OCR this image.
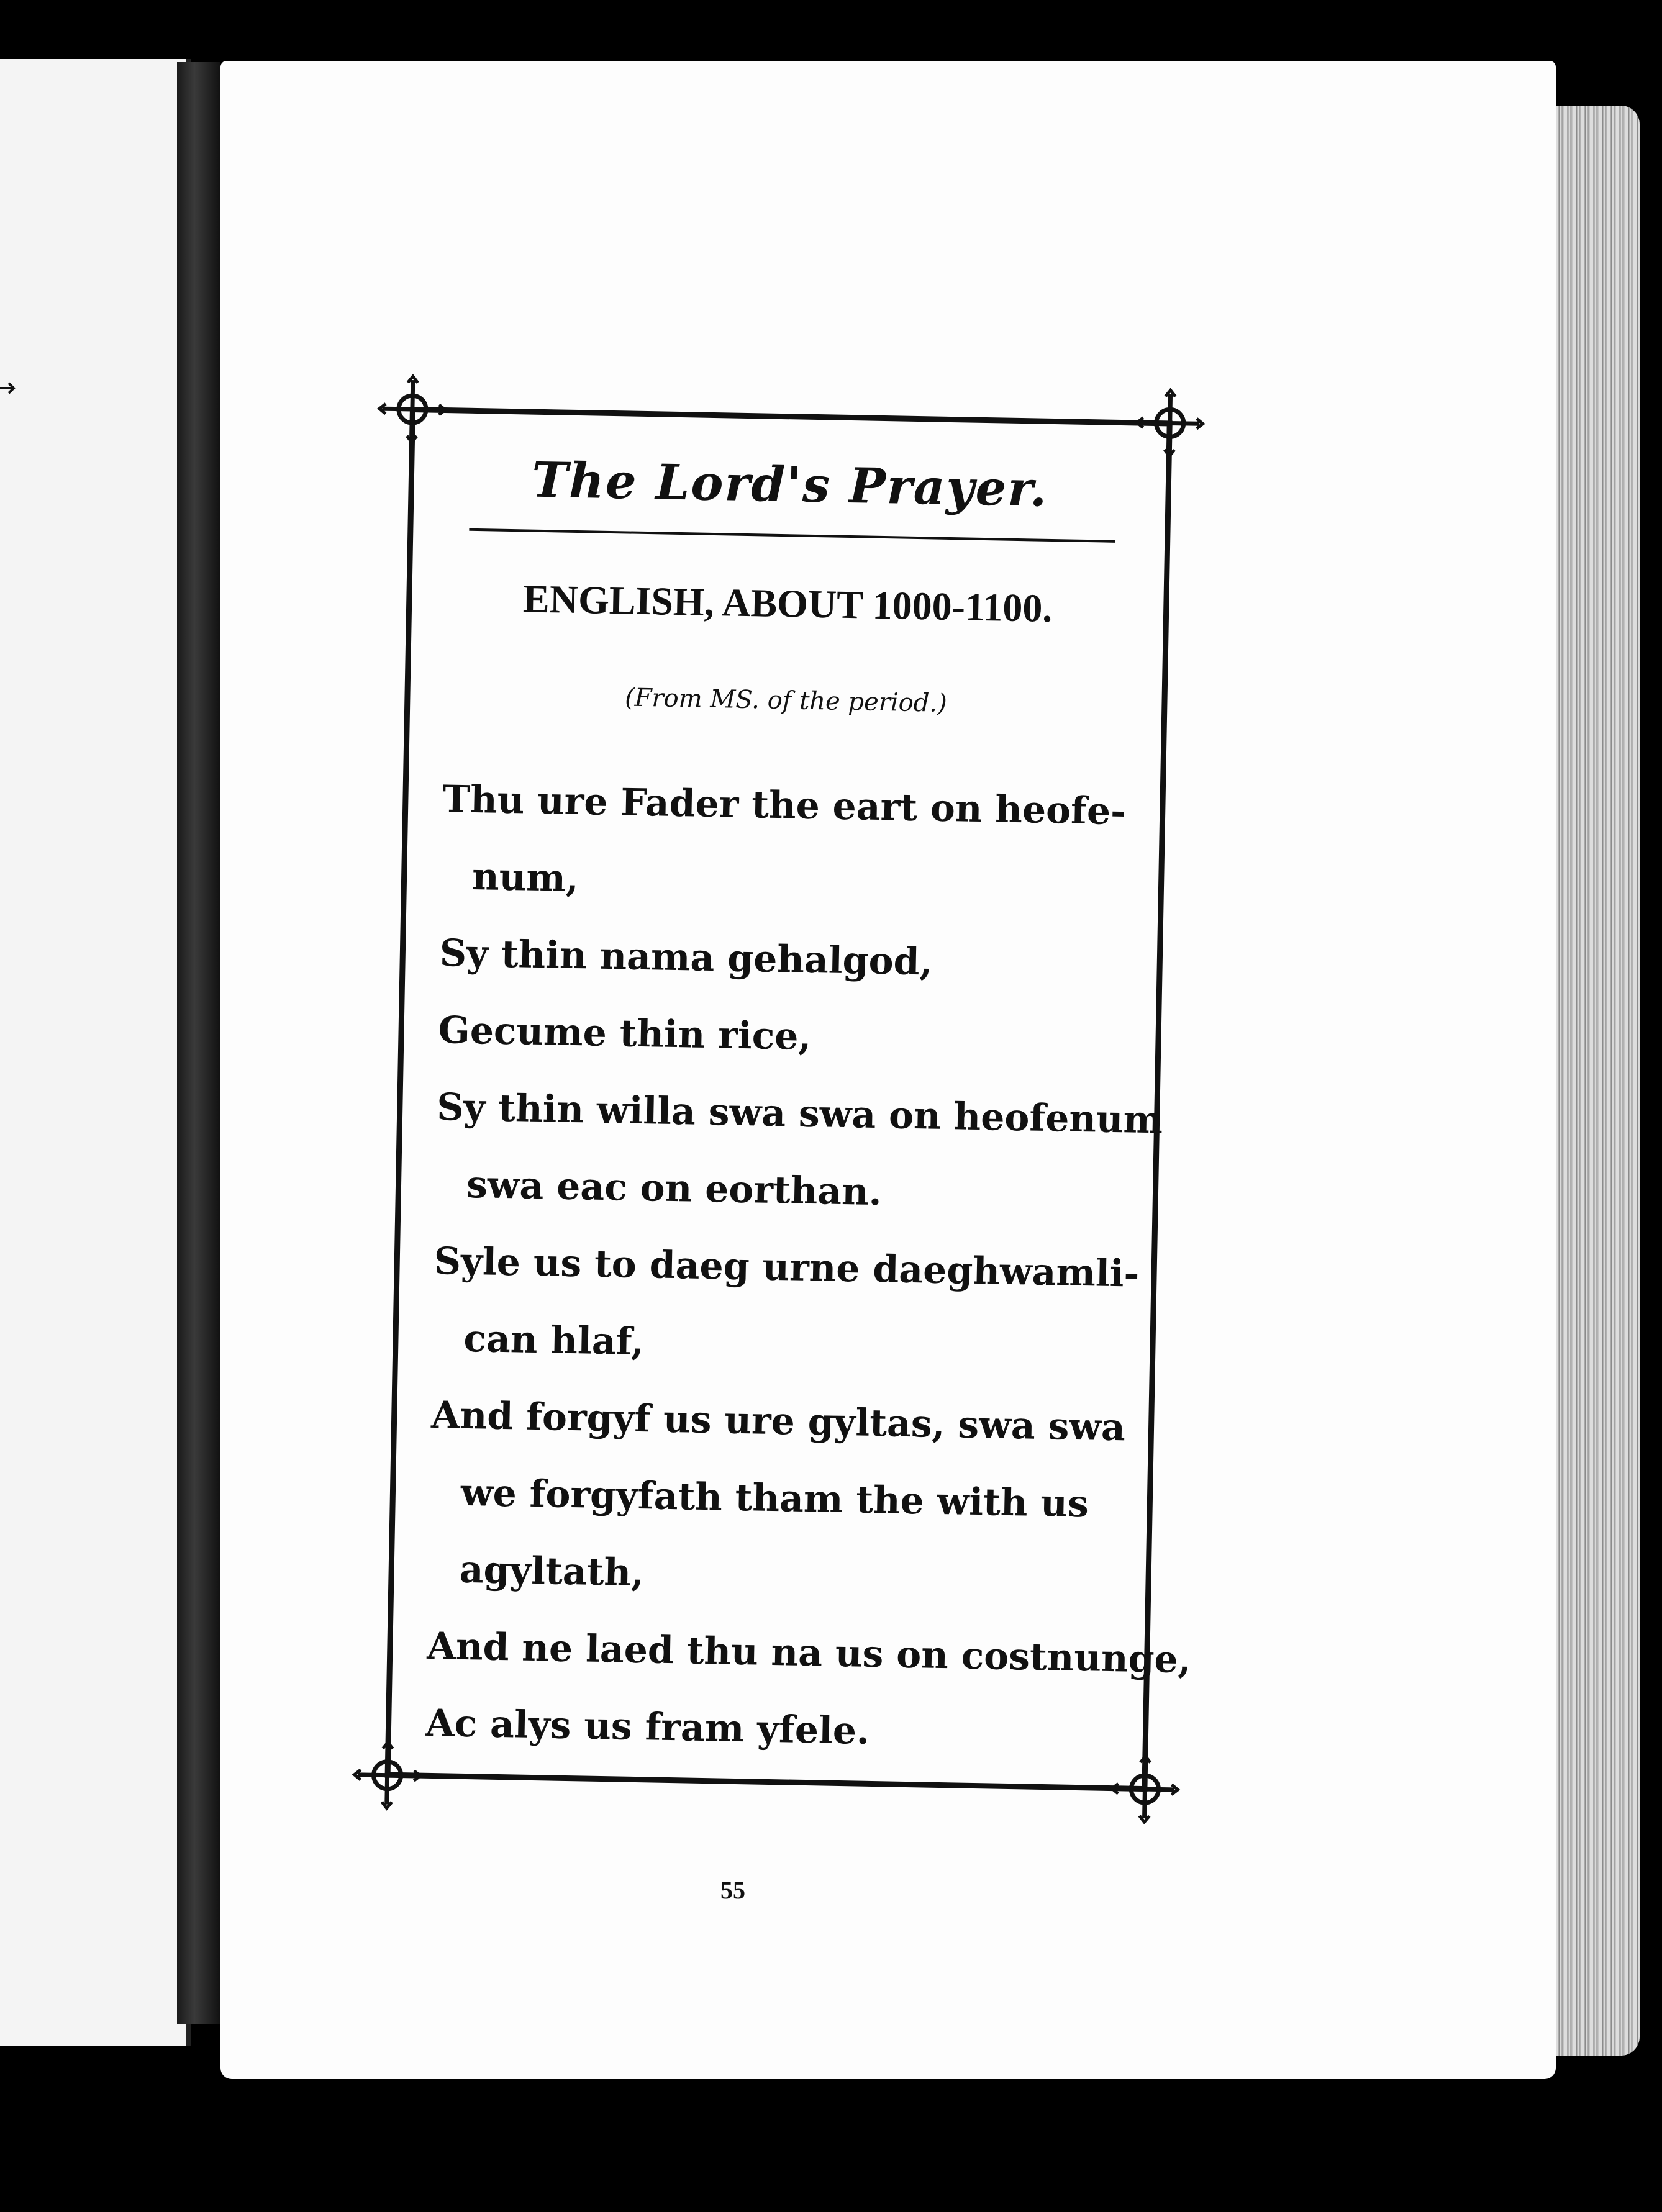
The Lord's Prayer.
ENGLISH, ABOUT 1000-1100.
(From MS. of the period.)
Thu ure Fader the eart on heofe-
num,
Sy thin nama gehalgod,
Gecume thin rice,
Sy thin willa swa swa on heofenum
swa eac on eorthan.
Syle us to daeg urne daeghwamli-
can hlaf,
And forgyf us ure gyltas, swa swa
we forgyfath tham the with us
agyltath,
And ne laed thu na us on costnunge,
Ac alys us fram yfele.
55
